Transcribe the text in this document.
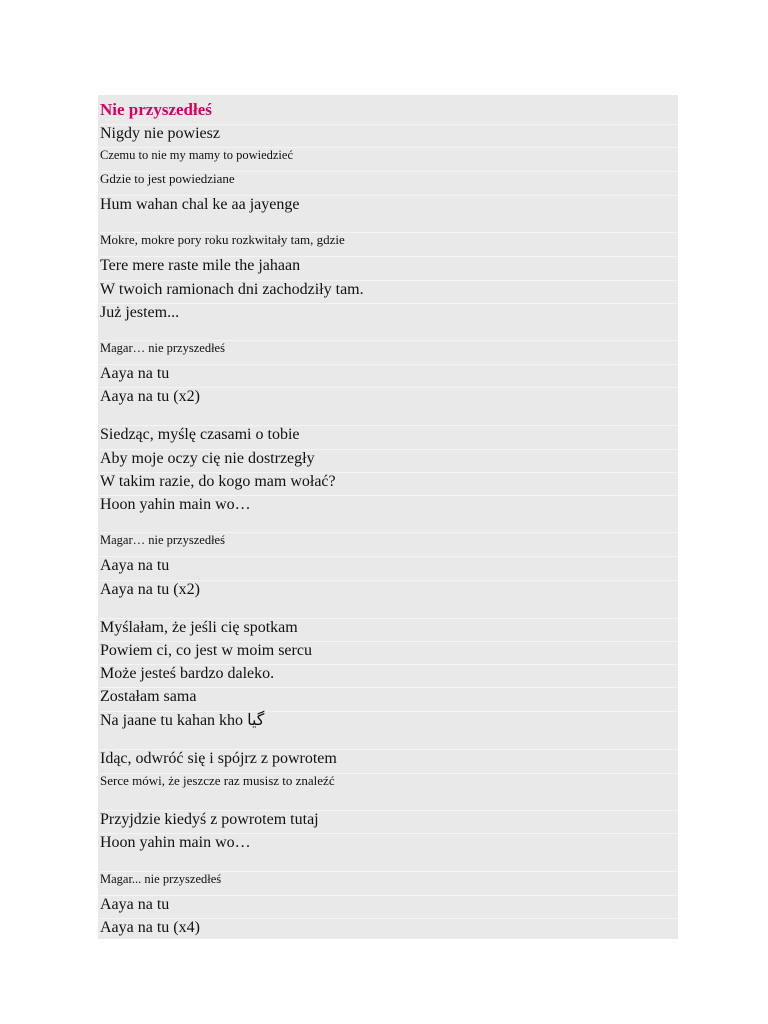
Nie przyszedłeś
Nigdy nie powiesz
Czemu to nie my mamy to powiedzieć
Gdzie to jest powiedziane
Hum wahan chal ke aa jayenge
Mokre, mokre pory roku rozkwitały tam, gdzie
Tere mere raste mile the jahaan
W twoich ramionach dni zachodziły tam.
Już jestem...
Magar… nie przyszedłeś
Aaya na tu
Aaya na tu (x2)
Siedząc, myślę czasami o tobie
Aby moje oczy cię nie dostrzegły
W takim razie, do kogo mam wołać?
Hoon yahin main wo…
Magar… nie przyszedłeś
Aaya na tu
Aaya na tu (x2)
Myślałam, że jeśli cię spotkam
Powiem ci, co jest w moim sercu
Może jesteś bardzo daleko.
Zostałam sama
Na jaane tu kahan kho گیا
Idąc, odwróć się i spójrz z powrotem
Serce mówi, że jeszcze raz musisz to znaleźć
Przyjdzie kiedyś z powrotem tutaj
Hoon yahin main wo…
Magar... nie przyszedłeś
Aaya na tu
Aaya na tu (x4)
